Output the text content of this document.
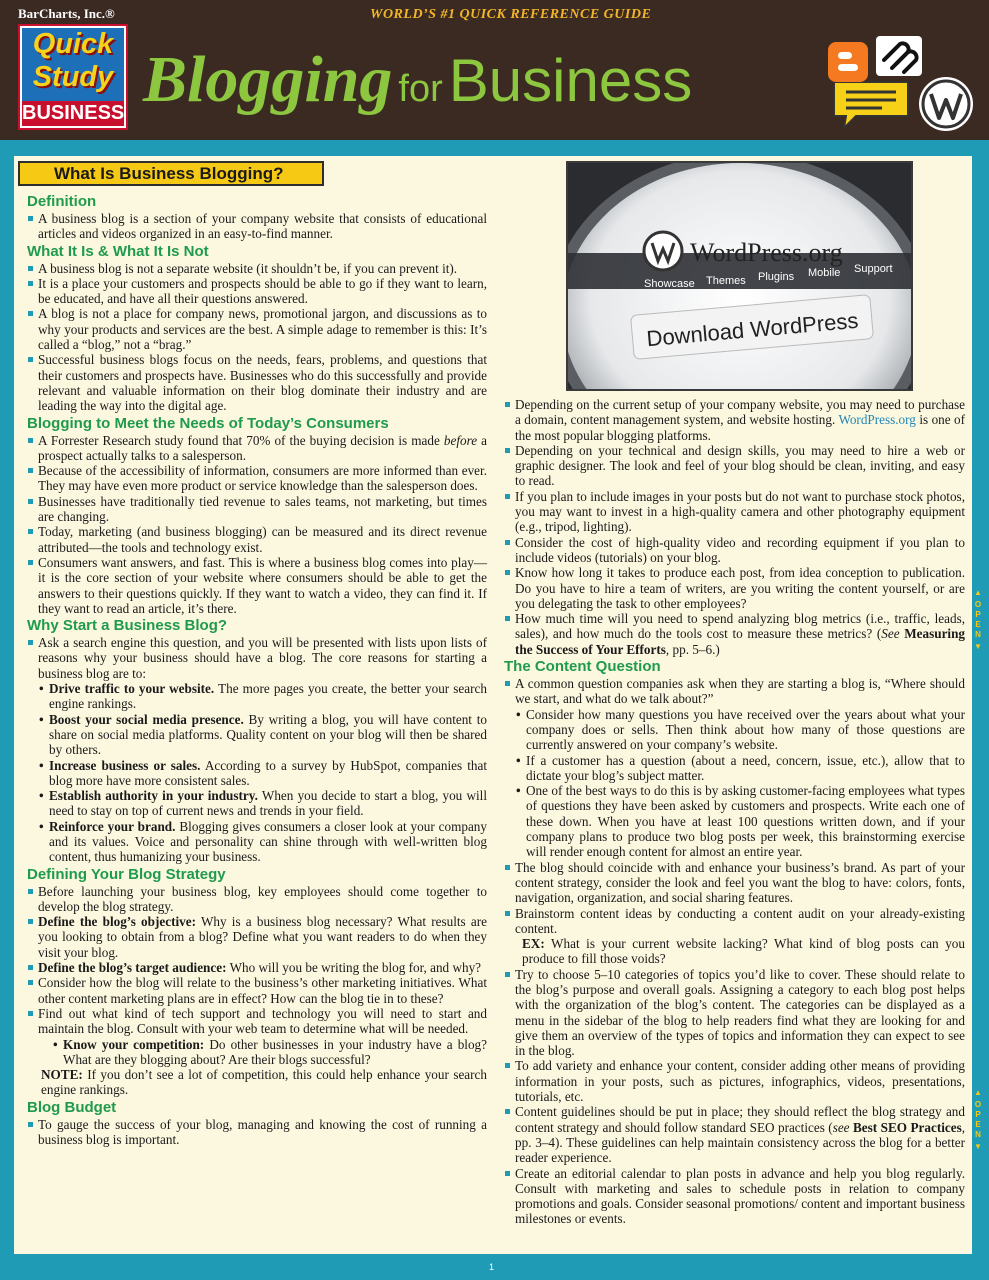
BarCharts, Inc.®	WORLD’S #1 QUICK REFERENCE GUIDE
Quick
Study
BUSINESS Blogging for Business
What Is Business Blogging?
WordPress.org
Showcase Themes Plugins Mobile Support
Download WordPress
Definition

A business blog is a section of your company website that consists of educational articles and videos organized in an easy-to-find manner.

What It Is & What It Is Not

A business blog is not a separate website (it shouldn’t be, if you can prevent it).

It is a place your customers and prospects should be able to go if they want to learn, be educated, and have all their questions answered.

A blog is not a place for company news, promotional jargon, and discussions as to why your products and services are the best. A simple adage to remember is this: It’s called a “blog,” not a “brag.”

Successful business blogs focus on the needs, fears, problems, and questions that their customers and prospects have. Businesses who do this successfully and provide relevant and valuable information on their blog dominate their industry and are leading the way into the digital age.

Blogging to Meet the Needs of Today’s Consumers

A Forrester Research study found that 70% of the buying decision is made before a prospect actually talks to a salesperson.

Because of the accessibility of information, consumers are more informed than ever. They may have even more product or service knowledge than the salesperson does.

Businesses have traditionally tied revenue to sales teams, not marketing, but times are changing.

Today, marketing (and business blogging) can be measured and its direct revenue attributed—the tools and technology exist.

Consumers want answers, and fast. This is where a business blog comes into play—it is the core section of your website where consumers should be able to get the answers to their questions quickly. If they want to watch a video, they can find it. If they want to read an article, it’s there.

Why Start a Business Blog?

Ask a search engine this question, and you will be presented with lists upon lists of reasons why your business should have a blog. The core reasons for starting a business blog are to:

• Drive traffic to your website. The more pages you create, the better your search engine rankings.

• Boost your social media presence. By writing a blog, you will have content to share on social media platforms. Quality content on your blog will then be shared by others.

• Increase business or sales. According to a survey by HubSpot, companies that blog more have more consistent sales.

• Establish authority in your industry. When you decide to start a blog, you will need to stay on top of current news and trends in your field.

• Reinforce your brand. Blogging gives consumers a closer look at your company and its values. Voice and personality can shine through with well-written blog content, thus humanizing your business.

Defining Your Blog Strategy

Before launching your business blog, key employees should come together to develop the blog strategy.

Define the blog’s objective: Why is a business blog necessary? What results are you looking to obtain from a blog? Define what you want readers to do when they visit your blog.

Define the blog’s target audience: Who will you be writing the blog for, and why?

Consider how the blog will relate to the business’s other marketing initiatives. What other content marketing plans are in effect? How can the blog tie in to these?

Find out what kind of tech support and technology you will need to start and maintain the blog. Consult with your web team to determine what will be needed.

• Know your competition: Do other businesses in your industry have a blog? What are they blogging about? Are their blogs successful?

NOTE: If you don’t see a lot of competition, this could help enhance your search engine rankings.

Blog Budget

To gauge the success of your blog, managing and knowing the cost of running a business blog is important.

Depending on the current setup of your company website, you may need to purchase a domain, content management system, and website hosting. WordPress.org is one of the most popular blogging platforms.

Depending on your technical and design skills, you may need to hire a web or graphic designer. The look and feel of your blog should be clean, inviting, and easy to read.

If you plan to include images in your posts but do not want to purchase stock photos, you may want to invest in a high-quality camera and other photography equipment (e.g., tripod, lighting).

Consider the cost of high-quality video and recording equipment if you plan to include videos (tutorials) on your blog.

Know how long it takes to produce each post, from idea conception to publication. Do you have to hire a team of writers, are you writing the content yourself, or are you delegating the task to other employees?

How much time will you need to spend analyzing blog metrics (i.e., traffic, leads, sales), and how much do the tools cost to measure these metrics? (See Measuring the Success of Your Efforts, pp. 5–6.)

The Content Question

A common question companies ask when they are starting a blog is, “Where should we start, and what do we talk about?”

• Consider how many questions you have received over the years about what your company does or sells. Then think about how many of those questions are currently answered on your company’s website.

• If a customer has a question (about a need, concern, issue, etc.), allow that to dictate your blog’s subject matter.

• One of the best ways to do this is by asking customer-facing employees what types of questions they have been asked by customers and prospects. Write each one of these down. When you have at least 100 questions written down, and if your company plans to produce two blog posts per week, this brainstorming exercise will render enough content for almost an entire year.

The blog should coincide with and enhance your business’s brand. As part of your content strategy, consider the look and feel you want the blog to have: colors, fonts, navigation, organization, and social sharing features.

Brainstorm content ideas by conducting a content audit on your already-existing content.

EX: What is your current website lacking? What kind of blog posts can you produce to fill those voids?

Try to choose 5–10 categories of topics you’d like to cover. These should relate to the blog’s purpose and overall goals. Assigning a category to each blog post helps with the organization of the blog’s content. The categories can be displayed as a menu in the sidebar of the blog to help readers find what they are looking for and give them an overview of the types of topics and information they can expect to see in the blog.

To add variety and enhance your content, consider adding other means of providing information in your posts, such as pictures, infographics, videos, presentations, tutorials, etc.

Content guidelines should be put in place; they should reflect the blog strategy and content strategy and should follow standard SEO practices (see Best SEO Practices, pp. 3–4). These guidelines can help maintain consistency across the blog for a better reader experience.

Create an editorial calendar to plan posts in advance and help you blog regularly. Consult with marketing and sales to schedule posts in relation to company promotions and goals. Consider seasonal promotions/ content and important business milestones or events.

▲
OPEN
▼
▲
OPEN
▼
1
